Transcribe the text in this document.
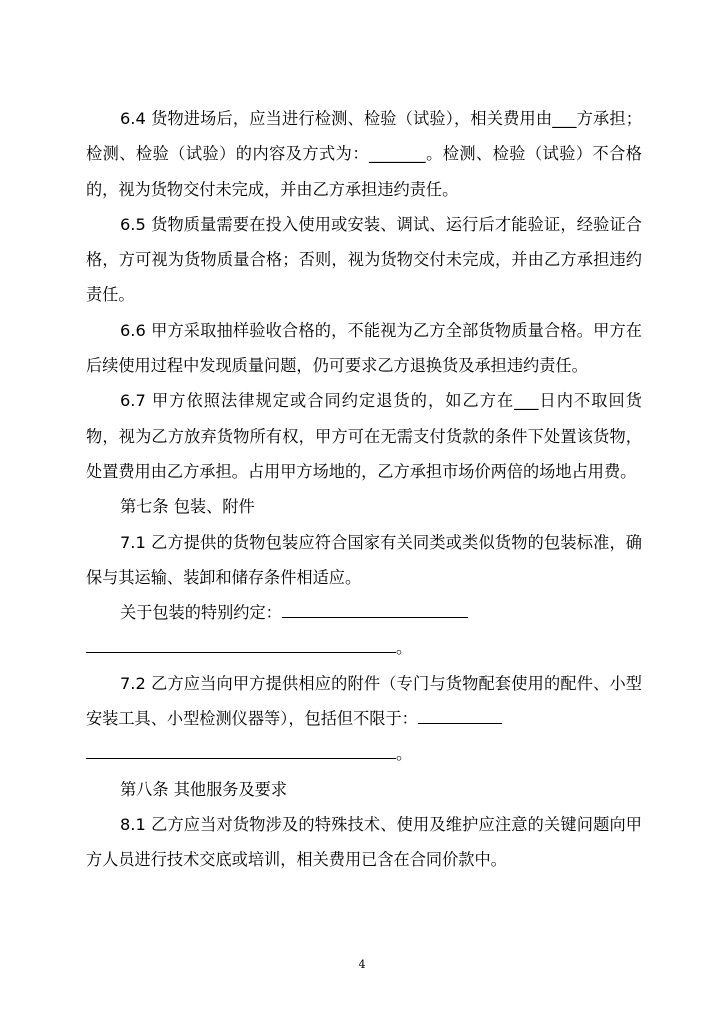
6.4 货物进场后，应当进行检测、检验（试验），相关费用由___方承担；检测、检验（试验）的内容及方式为：_______。检测、检验（试验）不合格的，视为货物交付未完成，并由乙方承担违约责任。

6.5 货物质量需要在投入使用或安装、调试、运行后才能验证，经验证合格，方可视为货物质量合格；否则，视为货物交付未完成，并由乙方承担违约责任。

6.6 甲方采取抽样验收合格的，不能视为乙方全部货物质量合格。甲方在后续使用过程中发现质量问题，仍可要求乙方退换货及承担违约责任。

6.7 甲方依照法律规定或合同约定退货的，如乙方在___日内不取回货物，视为乙方放弃货物所有权，甲方可在无需支付货款的条件下处置该货物，处置费用由乙方承担。占用甲方场地的，乙方承担市场价两倍的场地占用费。

第七条 包装、附件

7.1 乙方提供的货物包装应符合国家有关同类或类似货物的包装标准，确保与其运输、装卸和储存条件相适应。

关于包装的特别约定：

。

7.2 乙方应当向甲方提供相应的附件（专门与货物配套使用的配件、小型安装工具、小型检测仪器等），包括但不限于：

。

第八条 其他服务及要求

8.1 乙方应当对货物涉及的特殊技术、使用及维护应注意的关键问题向甲方人员进行技术交底或培训，相关费用已含在合同价款中。

4
